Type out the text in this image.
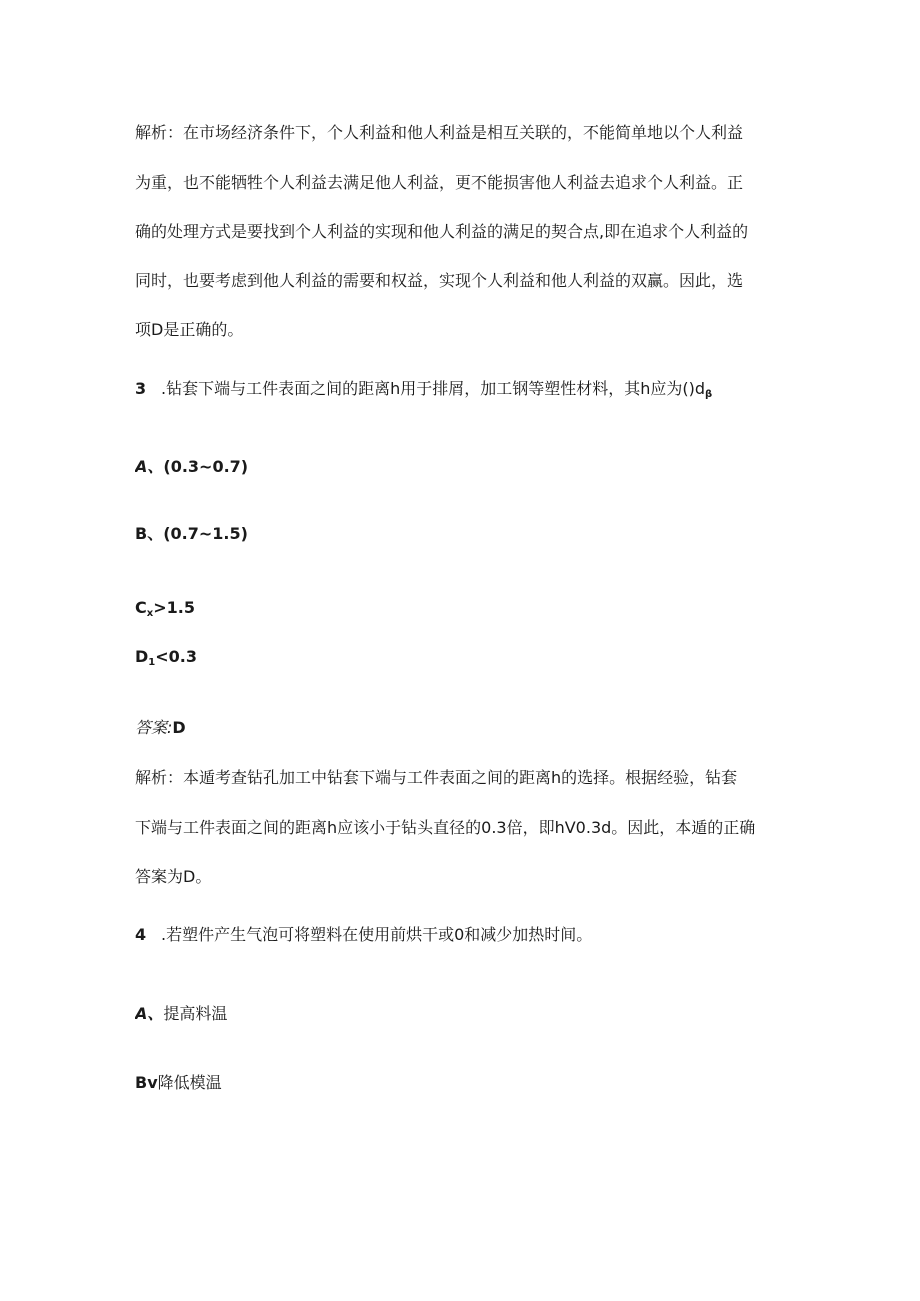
解析：在市场经济条件下，个人利益和他人利益是相互关联的，不能简单地以个人利益
为重，也不能牺牲个人利益去满足他人利益，更不能损害他人利益去追求个人利益。正
确的处理方式是要找到个人利益的实现和他人利益的满足的契合点,即在追求个人利益的
同时，也要考虑到他人利益的需要和权益，实现个人利益和他人利益的双赢。因此，选
项D是正确的。
3 .钻套下端与工件表面之间的距离h用于排屑，加工钢等塑性材料，其h应为$()d_\beta$
A、(0.3~0.7)
B、(0.7~1.5)
$C_x>1.5$
$D_1<0.3$
答案:D
解析：本遁考查钻孔加工中钻套下端与工件表面之间的距离h的选择。根据经验，钻套
下端与工件表面之间的距离h应该小于钻头直径的0.3倍，即hV0.3d。因此，本遁的正确
答案为D。
4 .若塑件产生气泡可将塑料在使用前烘干或0和减少加热时间。
A、提高料温
Bv降低模温
